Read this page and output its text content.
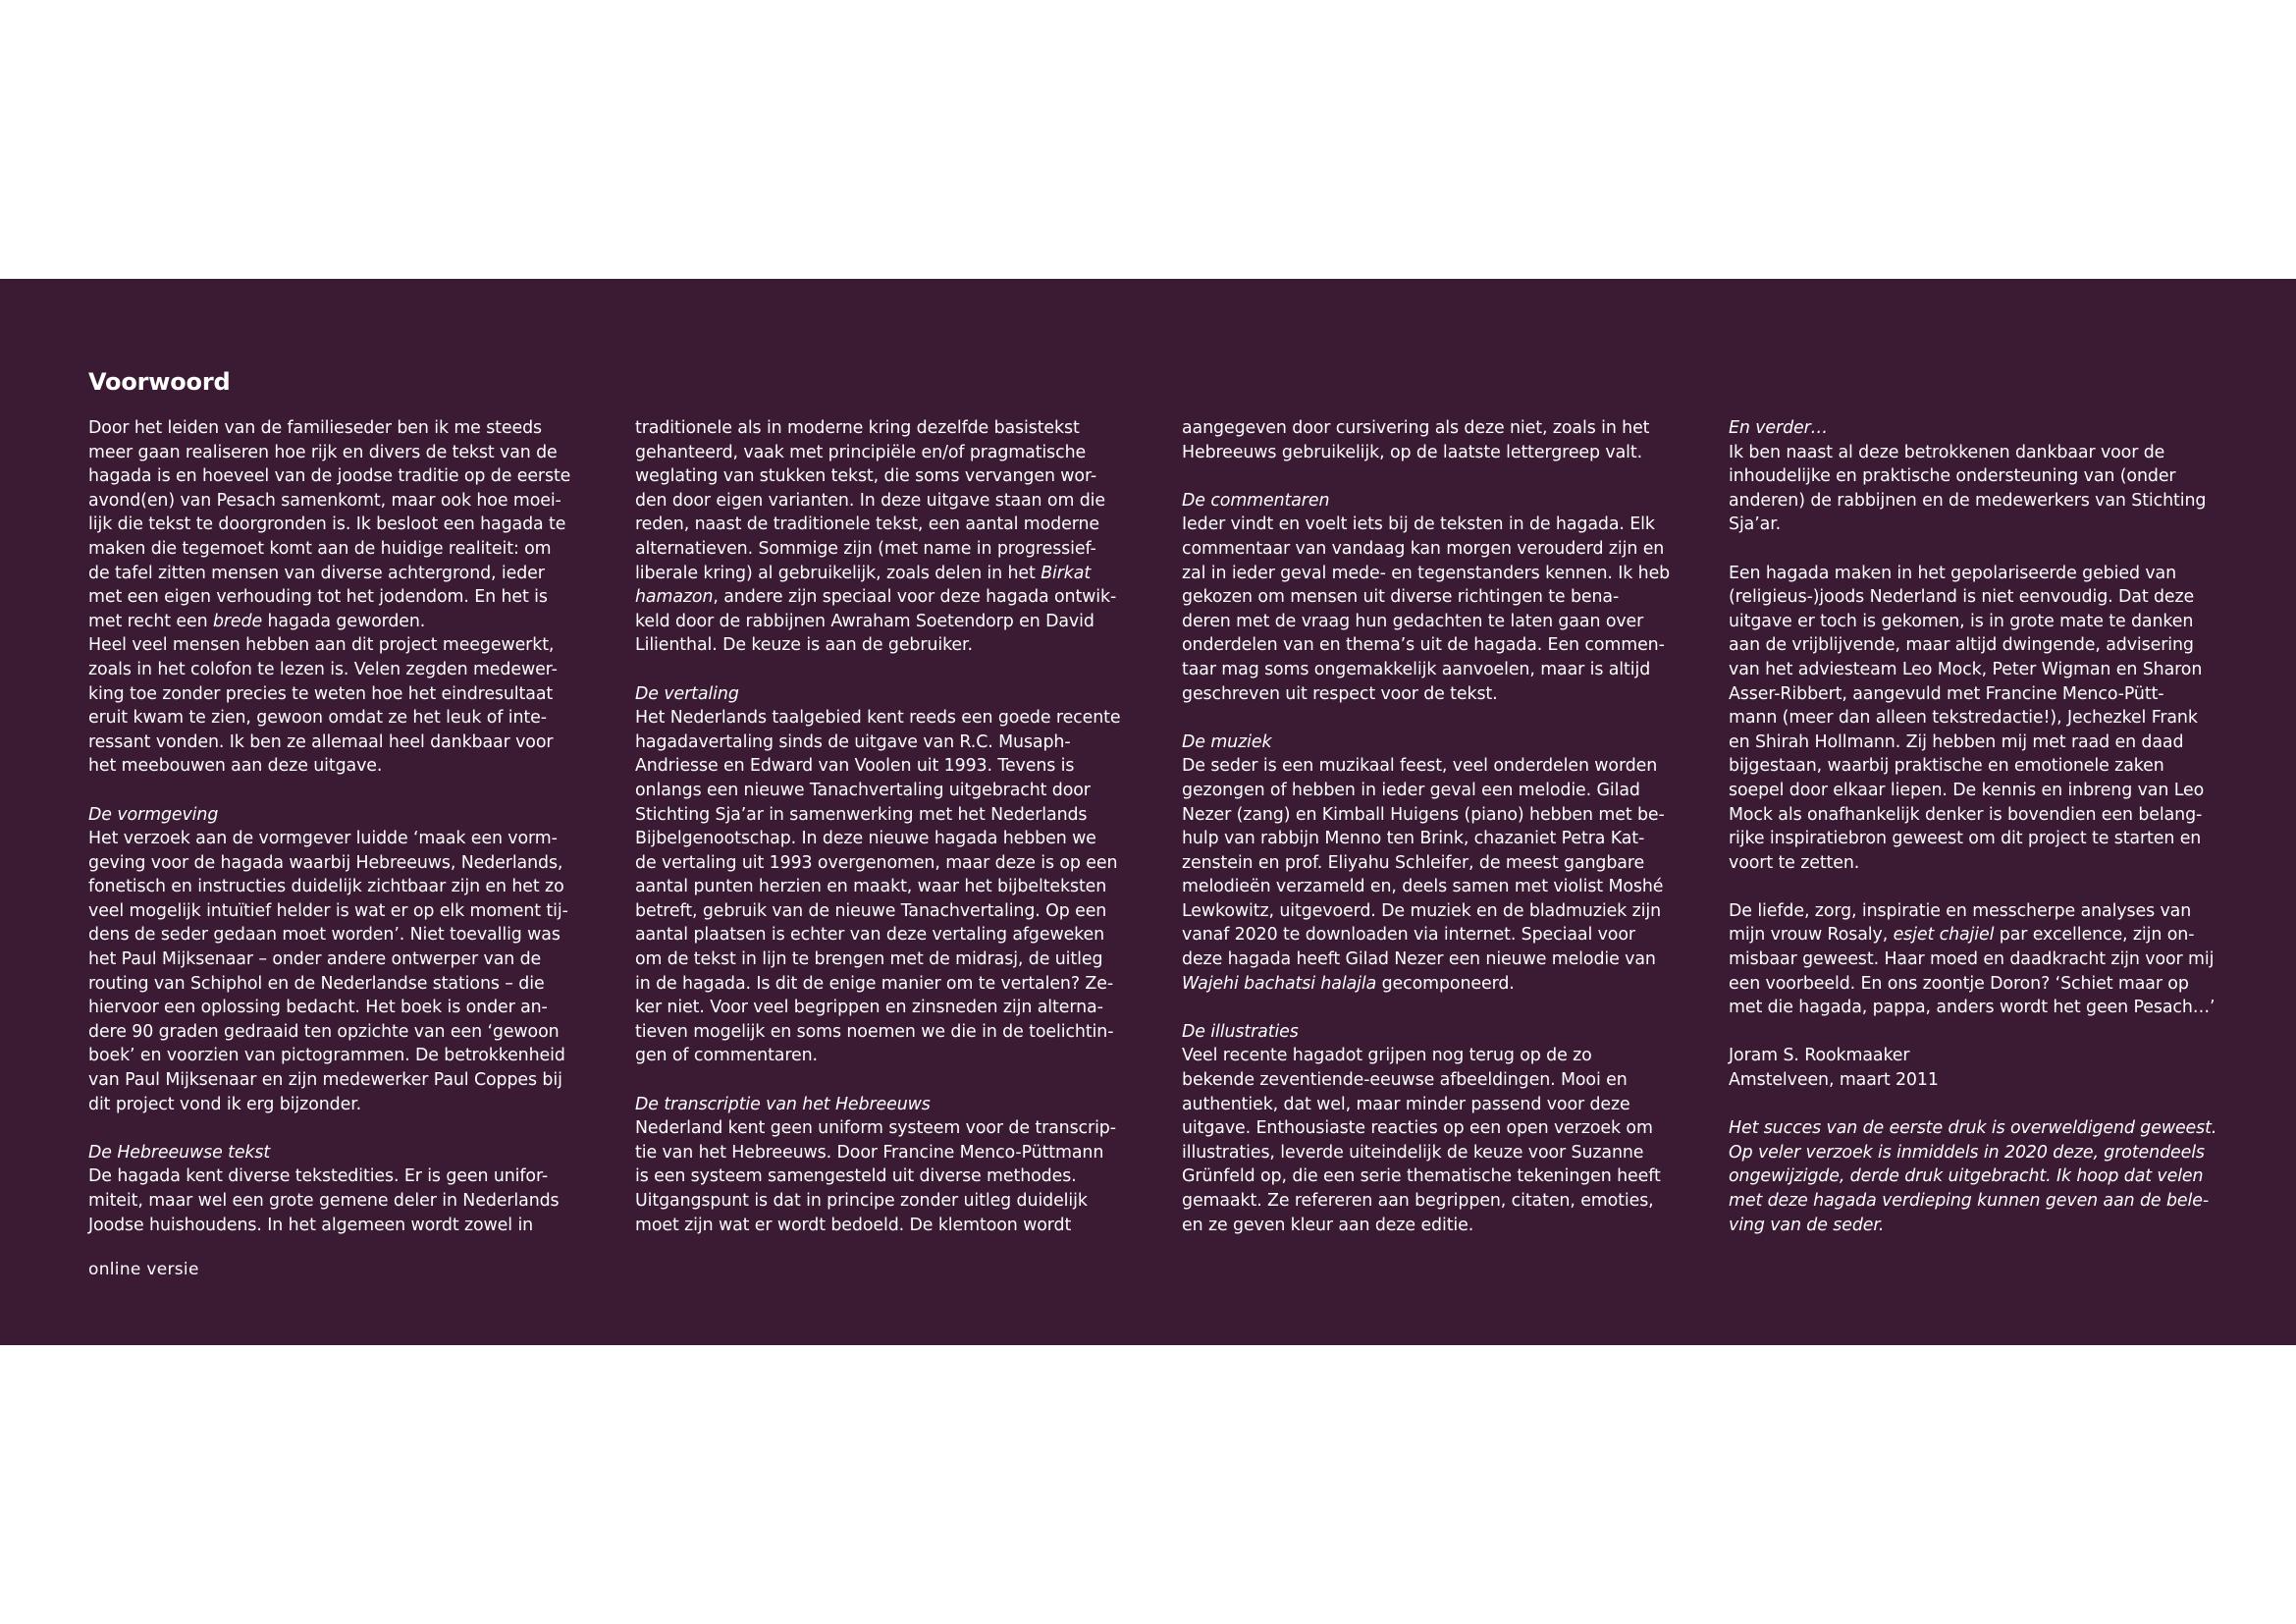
Voorwoord

Door het leiden van de familieseder ben ik me steeds
meer gaan realiseren hoe rijk en divers de tekst van de
hagada is en hoeveel van de joodse traditie op de eerste
avond(en) van Pesach samenkomt, maar ook hoe moei-
lijk die tekst te doorgronden is. Ik besloot een hagada te
maken die tegemoet komt aan de huidige realiteit: om
de tafel zitten mensen van diverse achtergrond, ieder
met een eigen verhouding tot het jodendom. En het is
met recht een brede hagada geworden.
Heel veel mensen hebben aan dit project meegewerkt,
zoals in het colofon te lezen is. Velen zegden medewer-
king toe zonder precies te weten hoe het eindresultaat
eruit kwam te zien, gewoon omdat ze het leuk of inte-
ressant vonden. Ik ben ze allemaal heel dankbaar voor
het meebouwen aan deze uitgave.

De vormgeving

Het verzoek aan de vormgever luidde ‘maak een vorm-
geving voor de hagada waarbij Hebreeuws, Nederlands,
fonetisch en instructies duidelijk zichtbaar zijn en het zo
veel mogelijk intuïtief helder is wat er op elk moment tij-
dens de seder gedaan moet worden’. Niet toevallig was
het Paul Mijksenaar – onder andere ontwerper van de
routing van Schiphol en de Nederlandse stations – die
hiervoor een oplossing bedacht. Het boek is onder an-
dere 90 graden gedraaid ten opzichte van een ‘gewoon
boek’ en voorzien van pictogrammen. De betrokkenheid
van Paul Mijksenaar en zijn medewerker Paul Coppes bij
dit project vond ik erg bijzonder.

De Hebreeuwse tekst

De hagada kent diverse tekstedities. Er is geen unifor-
miteit, maar wel een grote gemene deler in Nederlands
Joodse huishoudens. In het algemeen wordt zowel in

traditionele als in moderne kring dezelfde basistekst
gehanteerd, vaak met principiële en/of pragmatische
weglating van stukken tekst, die soms vervangen wor-
den door eigen varianten. In deze uitgave staan om die
reden, naast de traditionele tekst, een aantal moderne
alternatieven. Sommige zijn (met name in progressief-
liberale kring) al gebruikelijk, zoals delen in het Birkat
hamazon, andere zijn speciaal voor deze hagada ontwik-
keld door de rabbijnen Awraham Soetendorp en David
Lilienthal. De keuze is aan de gebruiker.

De vertaling

Het Nederlands taalgebied kent reeds een goede recente
hagadavertaling sinds de uitgave van R.C. Musaph-
Andriesse en Edward van Voolen uit 1993. Tevens is
onlangs een nieuwe Tanachvertaling uitgebracht door
Stichting Sja’ar in samenwerking met het Nederlands
Bijbelgenootschap. In deze nieuwe hagada hebben we
de vertaling uit 1993 overgenomen, maar deze is op een
aantal punten herzien en maakt, waar het bijbelteksten
betreft, gebruik van de nieuwe Tanachvertaling. Op een
aantal plaatsen is echter van deze vertaling afgeweken
om de tekst in lijn te brengen met de midrasj, de uitleg
in de hagada. Is dit de enige manier om te vertalen? Ze-
ker niet. Voor veel begrippen en zinsneden zijn alterna-
tieven mogelijk en soms noemen we die in de toelichtin-
gen of commentaren.

De transcriptie van het Hebreeuws

Nederland kent geen uniform systeem voor de transcrip-
tie van het Hebreeuws. Door Francine Menco-Püttmann
is een systeem samengesteld uit diverse methodes.
Uitgangspunt is dat in principe zonder uitleg duidelijk
moet zijn wat er wordt bedoeld. De klemtoon wordt

aangegeven door cursivering als deze niet, zoals in het
Hebreeuws gebruikelijk, op de laatste lettergreep valt.

De commentaren

Ieder vindt en voelt iets bij de teksten in de hagada. Elk
commentaar van vandaag kan morgen verouderd zijn en
zal in ieder geval mede- en tegenstanders kennen. Ik heb
gekozen om mensen uit diverse richtingen te bena-
deren met de vraag hun gedachten te laten gaan over
onderdelen van en thema’s uit de hagada. Een commen-
taar mag soms ongemakkelijk aanvoelen, maar is altijd
geschreven uit respect voor de tekst.

De muziek

De seder is een muzikaal feest, veel onderdelen worden
gezongen of hebben in ieder geval een melodie. Gilad
Nezer (zang) en Kimball Huigens (piano) hebben met be-
hulp van rabbijn Menno ten Brink, chazaniet Petra Kat-
zenstein en prof. Eliyahu Schleifer, de meest gangbare
melodieën verzameld en, deels samen met violist Moshé
Lewkowitz, uitgevoerd. De muziek en de bladmuziek zijn
vanaf 2020 te downloaden via internet. Speciaal voor
deze hagada heeft Gilad Nezer een nieuwe melodie van
Wajehi bachatsi halajla gecomponeerd.

De illustraties

Veel recente hagadot grijpen nog terug op de zo
bekende zeventiende-eeuwse afbeeldingen. Mooi en
authentiek, dat wel, maar minder passend voor deze
uitgave. Enthousiaste reacties op een open verzoek om
illustraties, leverde uiteindelijk de keuze voor Suzanne
Grünfeld op, die een serie thematische tekeningen heeft
gemaakt. Ze refereren aan begrippen, citaten, emoties,
en ze geven kleur aan deze editie.

En verder…

Ik ben naast al deze betrokkenen dankbaar voor de
inhoudelijke en praktische ondersteuning van (onder
anderen) de rabbijnen en de medewerkers van Stichting
Sja’ar.

Een hagada maken in het gepolariseerde gebied van
(religieus-)joods Nederland is niet eenvoudig. Dat deze
uitgave er toch is gekomen, is in grote mate te danken
aan de vrijblijvende, maar altijd dwingende, advisering
van het adviesteam Leo Mock, Peter Wigman en Sharon
Asser-Ribbert, aangevuld met Francine Menco-Pütt-
mann (meer dan alleen tekstredactie!), Jechezkel Frank
en Shirah Hollmann. Zij hebben mij met raad en daad
bijgestaan, waarbij praktische en emotionele zaken
soepel door elkaar liepen. De kennis en inbreng van Leo
Mock als onafhankelijk denker is bovendien een belang-
rijke inspiratiebron geweest om dit project te starten en
voort te zetten.

De liefde, zorg, inspiratie en messcherpe analyses van
mijn vrouw Rosaly, esjet chajiel par excellence, zijn on-
misbaar geweest. Haar moed en daadkracht zijn voor mij
een voorbeeld. En ons zoontje Doron? ‘Schiet maar op
met die hagada, pappa, anders wordt het geen Pesach…’

Joram S. Rookmaaker
Amstelveen, maart 2011

Het succes van de eerste druk is overweldigend geweest.
Op veler verzoek is inmiddels in 2020 deze, grotendeels
ongewijzigde, derde druk uitgebracht. Ik hoop dat velen
met deze hagada verdieping kunnen geven aan de bele-
ving van de seder.

online versie
